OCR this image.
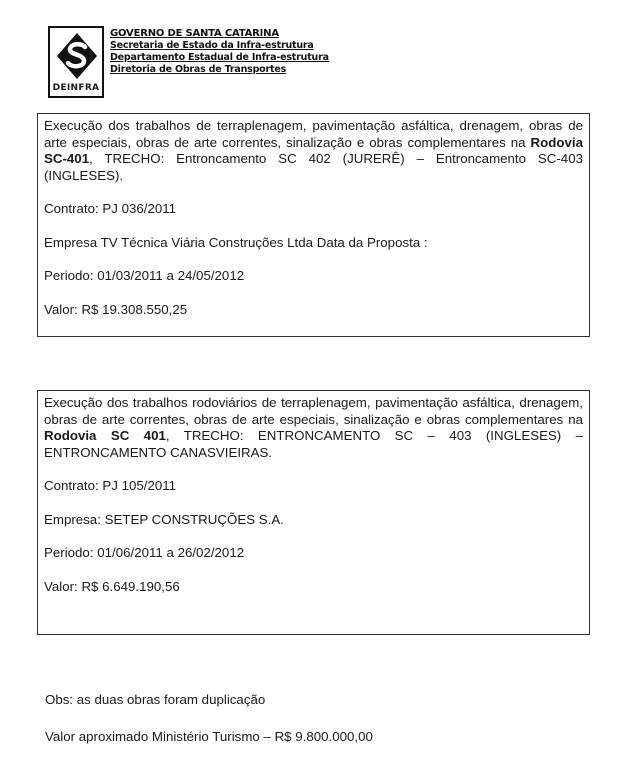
DEINFRA
GOVERNO DE SANTA CATARINA
Secretaria de Estado da Infra-estrutura
Departamento Estadual de Infra-estrutura
Diretoria de Obras de Transportes

Execução dos trabalhos de terraplenagem, pavimentação asfáltica, drenagem, obras de arte especiais, obras de arte correntes, sinalização e obras complementares na Rodovia SC-401, TRECHO: Entroncamento SC 402 (JURERÊ) – Entroncamento SC-403 (INGLESES).

Contrato: PJ 036/2011
Empresa TV Técnica Viária Construções Ltda Data da Proposta :
Periodo: 01/03/2011 a 24/05/2012
Valor: R$ 19.308.550,25

Execução dos trabalhos rodoviários de terraplenagem, pavimentação asfáltica, drenagem, obras de arte correntes, obras de arte especiais, sinalização e obras complementares na Rodovia SC 401, TRECHO: ENTRONCAMENTO SC – 403 (INGLESES) – ENTRONCAMENTO CANASVIEIRAS.

Contrato: PJ 105/2011
Empresa: SETEP CONSTRUÇÕES S.A.
Periodo: 01/06/2011 a 26/02/2012
Valor: R$ 6.649.190,56
Obs: as duas obras foram duplicação
Valor aproximado Ministério Turismo – R$ 9.800.000,00
